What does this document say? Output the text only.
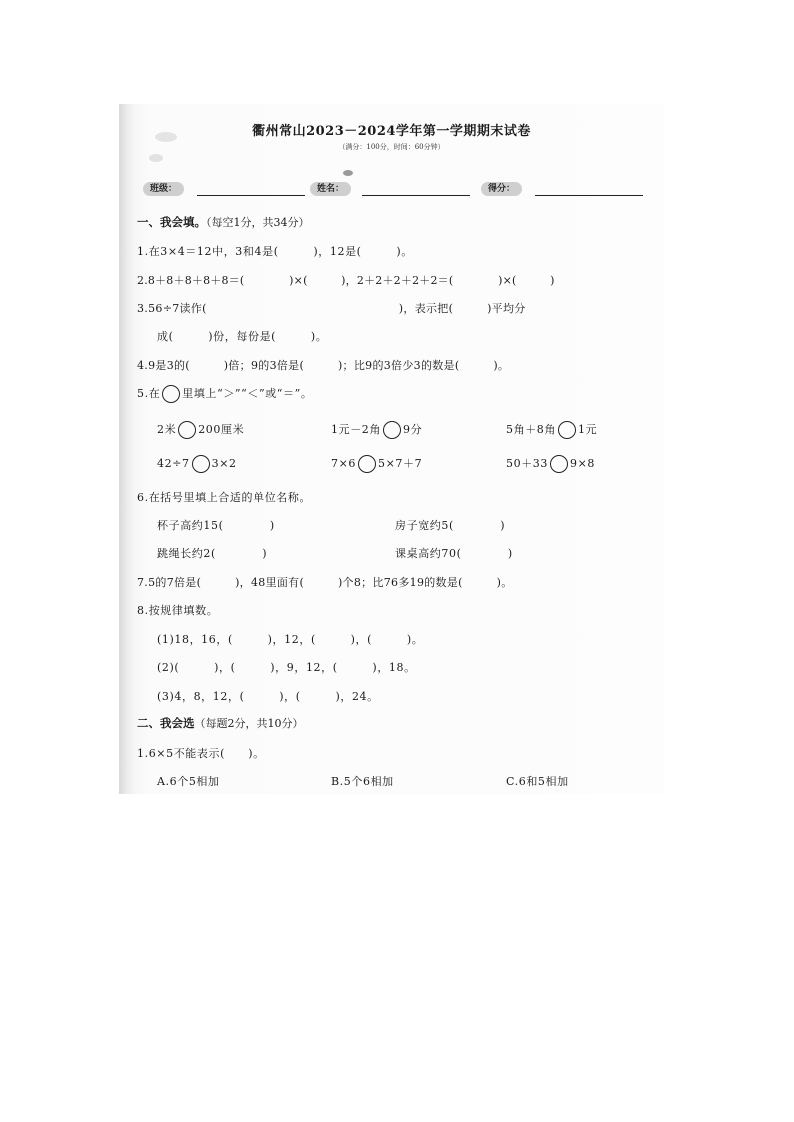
衢州常山2023－2024学年第一学期期末试卷
（满分：100分，时间：60分钟）
班级：	姓名：	得分：
一、我会填。（每空1分，共34分）
1.在3×4＝12中，3和4是(　　　)，12是(　　　)。
2.8＋8＋8＋8＋8＝(　　　　)×(　　　)，2＋2＋2＋2＋2＝(　　　　)×(　　　)
3.56÷7读作(　　　　　　　　　　　　　　　　　)，表示把(　　　)平均分
成(　　　)份，每份是(　　　)。
4.9是3的(　　　)倍；9的3倍是(　　　)；比9的3倍少3的数是(　　　)。
5.在 里填上“＞”“＜”或“＝”。
2米 200厘米	1元－2角 9分	5角＋8角 1元
42÷7 3×2	7×6 5×7＋7	50＋33 9×8
6.在括号里填上合适的单位名称。
杯子高约15(　　　　)	房子宽约5(　　　　)
跳绳长约2(　　　　)	课桌高约70(　　　　)
7.5的7倍是(　　　)，48里面有(　　　)个8；比76多19的数是(　　　)。
8.按规律填数。
(1)18，16，(　　　)，12，(　　　)，(　　　)。
(2)(　　　)，(　　　)，9，12，(　　　)，18。
(3)4，8，12，(　　　)，(　　　)，24。
二、我会选（每题2分，共10分）
1.6×5不能表示(　　)。
A.6个5相加	B.5个6相加	C.6和5相加
